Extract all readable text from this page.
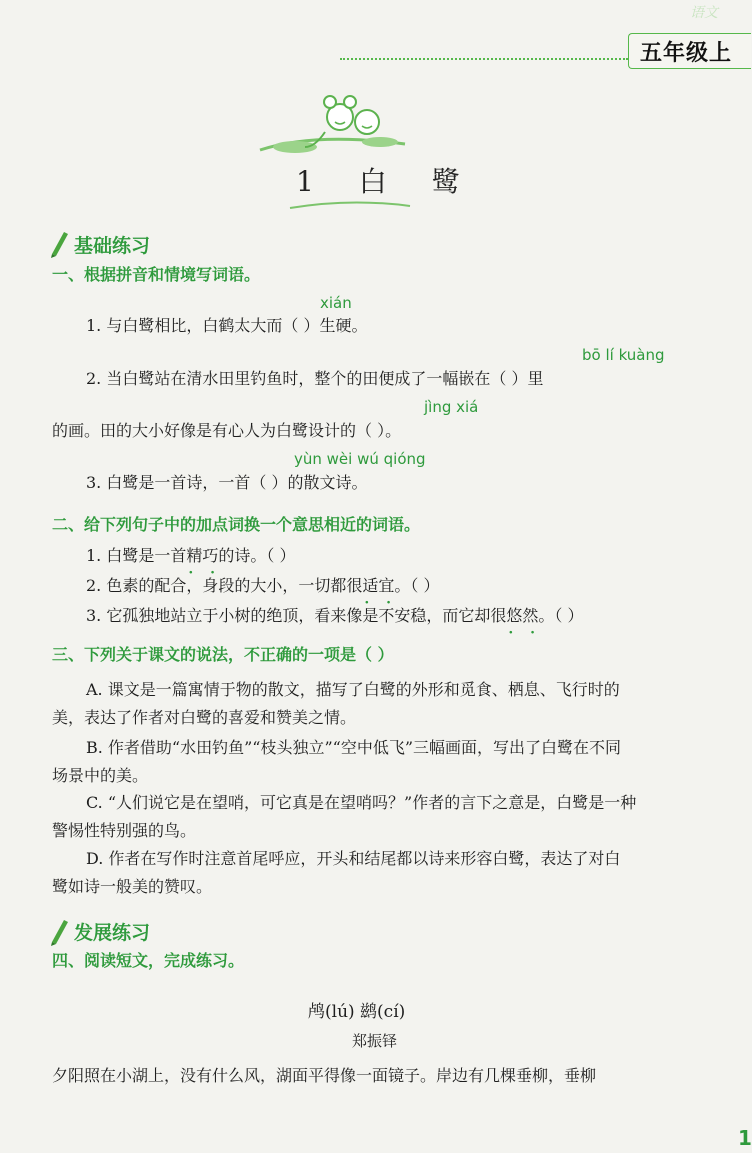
语文
五年级上

1 白 鹭
基础练习
一、根据拼音和情境写词语。
xián
1. 与白鹭相比，白鹤太大而（ ）生硬。
bō lí kuàng
2. 当白鹭站在清水田里钓鱼时，整个的田便成了一幅嵌在（ ）里
jìng xiá
的画。田的大小好像是有心人为白鹭设计的（ ）。
yùn wèi wú qióng
3. 白鹭是一首诗，一首（ ）的散文诗。
二、给下列句子中的加点词换一个意思相近的词语。
1. 白鹭是一首精巧 · ·的诗。（ ）
2. 色素的配合，身段的大小，一切都很适宜 · ·。（ ）
3. 它孤独地站立于小树的绝顶，看来像是不安稳，而它却很悠然 · ·。（ ）
三、下列关于课文的说法，不正确的一项是（ ）
A. 课文是一篇寓情于物的散文，描写了白鹭的外形和觅食、栖息、飞行时的
美，表达了作者对白鹭的喜爱和赞美之情。
B. 作者借助“水田钓鱼”“枝头独立”“空中低飞”三幅画面，写出了白鹭在不同
场景中的美。
C. “人们说它是在望哨，可它真是在望哨吗？”作者的言下之意是，白鹭是一种
警惕性特别强的鸟。
D. 作者在写作时注意首尾呼应，开头和结尾都以诗来形容白鹭，表达了对白
鹭如诗一般美的赞叹。
发展练习
四、阅读短文，完成练习。
鸬(lú) 鹚(cí)
郑振铎
夕阳照在小湖上，没有什么风，湖面平得像一面镜子。岸边有几棵垂柳，垂柳
1
